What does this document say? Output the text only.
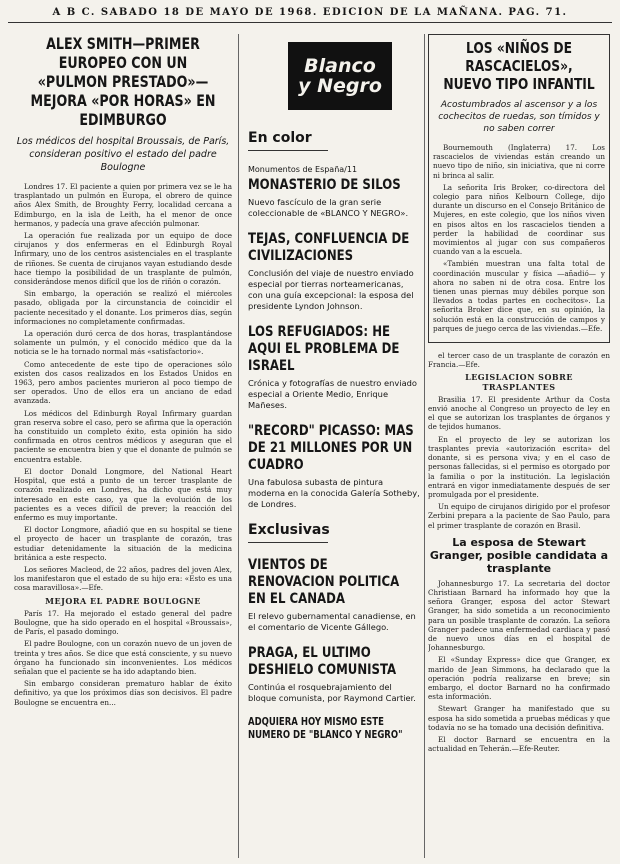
A B C. SABADO 18 DE MAYO DE 1968. EDICION DE LA MAÑANA. PAG. 71.
ALEX SMITH—PRIMER EUROPEO CON UN «PULMON PRESTADO»—MEJORA «POR HORAS» EN EDIMBURGO
Los médicos del hospital Broussais, de París, consideran positivo el estado del padre Boulogne

Londres 17. El paciente a quien por primera vez se le ha trasplantado un pulmón en Europa, el obrero de quince años Alex Smith, de Broughty Ferry, localidad cercana a Edimburgo, en la isla de Leith, ha el menor de once hermanos, y padecía una grave afección pulmonar.

La operación fue realizada por un equipo de doce cirujanos y dos enfermeras en el Edinburgh Royal Infirmary, uno de los centros asistenciales en el trasplante de riñones. Se cuenta de cirujanos vayan estudiando desde hace tiempo la posibilidad de un trasplante de pulmón, considerándose menos difícil que los de riñón o corazón.

Sin embargo, la operación se realizó el miércoles pasado, obligada por la circunstancia de coincidir el paciente necesitado y el donante. Los primeros días, según informaciones no completamente confirmadas.

La operación duró cerca de dos horas, trasplantándose solamente un pulmón, y el conocido médico que da la noticia se le ha tornado normal más «satisfactorio».

Como antecedente de este tipo de operaciones sólo existen dos casos realizados en los Estados Unidos en 1963, pero ambos pacientes murieron al poco tiempo de ser operados. Uno de ellos era un anciano de edad avanzada.

Los médicos del Edinburgh Royal Infirmary guardan gran reserva sobre el caso, pero se afirma que la operación ha constituido un completo éxito, esta opinión ha sido confirmada en otros centros médicos y aseguran que el paciente se encuentra bien y que el donante de pulmón se encuentra estable.

El doctor Donald Longmore, del National Heart Hospital, que está a punto de un tercer trasplante de corazón realizado en Londres, ha dicho que está muy interesado en este caso, ya que la evolución de los pacientes es a veces difícil de prever; la reacción del enfermo es muy importante.

El doctor Longmore, añadió que en su hospital se tiene el proyecto de hacer un trasplante de corazón, tras estudiar detenidamente la situación de la medicina británica a este respecto.

Los señores Macleod, de 22 años, padres del joven Alex, los manifestaron que el estado de su hijo era: «Esto es una cosa maravillosa».—Efe.

MEJORA EL PADRE BOULOGNE

París 17. Ha mejorado el estado general del padre Boulogne, que ha sido operado en el hospital «Broussais», de París, el pasado domingo.

El padre Boulogne, con un corazón nuevo de un joven de treinta y tres años. Se dice que está consciente, y su nuevo órgano ha funcionado sin inconvenientes. Los médicos señalan que el paciente se ha ido adaptando bien.

Sin embargo consideran prematuro hablar de éxito definitivo, ya que los próximos días son decisivos. El padre Boulogne se encuentra en...

Blanco
y Negro
En color
Monumentos de España/11
MONASTERIO DE SILOS
Nuevo fascículo de la gran serie coleccionable de «BLANCO Y NEGRO».
TEJAS, CONFLUENCIA DE CIVILIZACIONES
Conclusión del viaje de nuestro enviado especial por tierras norteamericanas, con una guía excepcional: la esposa del presidente Lyndon Johnson.
LOS REFUGIADOS: HE AQUI EL PROBLEMA DE ISRAEL
Crónica y fotografías de nuestro enviado especial a Oriente Medio, Enrique Mañeses.
"RECORD" PICASSO: MAS DE 21 MILLONES POR UN CUADRO
Una fabulosa subasta de pintura moderna en la conocida Galería Sotheby, de Londres.
Exclusivas
VIENTOS DE RENOVACION POLITICA EN EL CANADA
El relevo gubernamental canadiense, en el comentario de Vicente Gállego.
PRAGA, EL ULTIMO DESHIELO COMUNISTA
Continúa el rosquebrajamiento del bloque comunista, por Raymond Cartier.
ADQUIERA HOY MISMO ESTE NUMERO DE "BLANCO Y NEGRO"
LOS «NIÑOS DE RASCACIELOS», NUEVO TIPO INFANTIL
Acostumbrados al ascensor y a los cochecitos de ruedas, son tímidos y no saben correr

Bournemouth (Inglaterra) 17. Los rascacielos de viviendas están creando un nuevo tipo de niño, sin iniciativa, que ni corre ni brinca al salir.

La señorita Iris Broker, co-directora del colegio para niños Kelbourn College, dijo durante un discurso en el Consejo Británico de Mujeres, en este colegio, que los niños viven en pisos altos en los rascacielos tienden a perder la habilidad de coordinar sus movimientos al jugar con sus compañeros cuando van a la escuela.

«También muestran una falta total de coordinación muscular y física —añadió— y ahora no saben ni de otra cosa. Entre los tienen unas piernas muy débiles porque son llevados a todas partes en cochecitos». La señorita Broker dice que, en su opinión, la solución está en la construcción de campos y parques de juego cerca de las viviendas.—Efe.

el tercer caso de un trasplante de corazón en Francia.—Efe.

LEGISLACION SOBRE TRASPLANTES

Brasilia 17. El presidente Arthur da Costa envió anoche al Congreso un proyecto de ley en el que se autorizan los trasplantes de órganos y de tejidos humanos.

En el proyecto de ley se autorizan los trasplantes previa «autorización escrita» del donante, si es persona viva; y en el caso de personas fallecidas, si el permiso es otorgado por la familia o por la institución. La legislación entrará en vigor inmediatamente después de ser promulgada por el presidente.

Un equipo de cirujanos dirigido por el profesor Zerbini prepara a la paciente de Sao Paulo, para el primer trasplante de corazón en Brasil.

La esposa de Stewart Granger, posible candidata a trasplante

Johannesburgo 17. La secretaria del doctor Christiaan Barnard ha informado hoy que la señora Granger, esposa del actor Stewart Granger, ha sido sometida a un reconocimiento para un posible trasplante de corazón. La señora Granger padece una enfermedad cardiaca y pasó de nuevo unos días en el hospital de Johannesburgo.

El «Sunday Express» dice que Granger, ex marido de Jean Simmons, ha declarado que la operación podría realizarse en breve; sin embargo, el doctor Barnard no ha confirmado esta información.

Stewart Granger ha manifestado que su esposa ha sido sometida a pruebas médicas y que todavía no se ha tomado una decisión definitiva.

El doctor Barnard se encuentra en la actualidad en Teherán.—Efe-Reuter.
